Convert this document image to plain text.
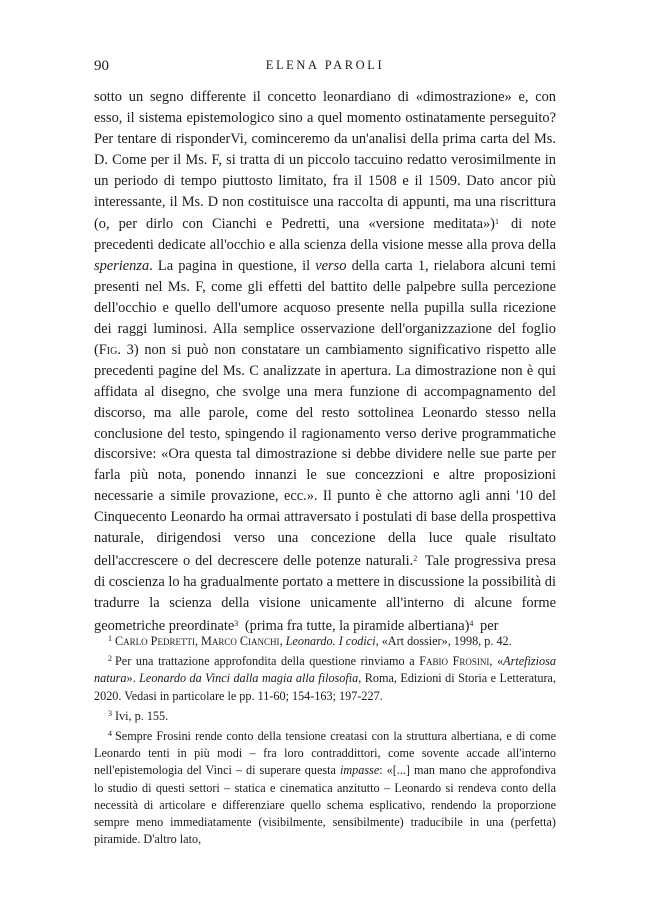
90	ELENA PAROLI

sotto un segno differente il concetto leonardiano di «dimostrazione» e, con esso, il sistema epistemologico sino a quel momento ostinatamente perseguito? Per tentare di risponderVi, cominceremo da un'analisi della prima carta del Ms. D. Come per il Ms. F, si tratta di un piccolo taccuino redatto verosimilmente in un periodo di tempo piuttosto limitato, fra il 1508 e il 1509. Dato ancor più interessante, il Ms. D non costituisce una raccolta di appunti, ma una riscrittura (o, per dirlo con Cianchi e Pedretti, una «versione meditata»)$^1$ di note precedenti dedicate all'occhio e alla scienza della visione messe alla prova della sperienza. La pagina in questione, il verso della carta 1, rielabora alcuni temi presenti nel Ms. F, come gli effetti del battito delle palpebre sulla percezione dell'occhio e quello dell'umore acquoso presente nella pupilla sulla ricezione dei raggi luminosi. Alla semplice osservazione dell'organizzazione del foglio (Fig. 3) non si può non constatare un cambiamento significativo rispetto alle precedenti pagine del Ms. C analizzate in apertura. La dimostrazione non è qui affidata al disegno, che svolge una mera funzione di accompagnamento del discorso, ma alle parole, come del resto sottolinea Leonardo stesso nella conclusione del testo, spingendo il ragionamento verso derive programmatiche discorsive: «Ora questa tal dimostrazione si debbe dividere nelle sue parte per farla più nota, ponendo innanzi le sue concezzioni e altre proposizioni necessarie a simile provazione, ecc.». Il punto è che attorno agli anni '10 del Cinquecento Leonardo ha ormai attraversato i postulati di base della prospettiva naturale, dirigendosi verso una concezione della luce quale risultato dell'accrescere o del decrescere delle potenze naturali.$^2$ Tale progressiva presa di coscienza lo ha gradualmente portato a mettere in discussione la possibilità di tradurre la scienza della visione unicamente all'interno di alcune forme geometriche preordinate$^3$ (prima fra tutte, la piramide albertiana)$^4$ per

$^1$ Carlo Pedretti, Marco Cianchi, Leonardo. I codici, «Art dossier», 1998, p. 42.

$^2$ Per una trattazione approfondita della questione rinviamo a Fabio Frosini, «Artefiziosa natura». Leonardo da Vinci dalla magia alla filosofia, Roma, Edizioni di Storia e Letteratura, 2020. Vedasi in particolare le pp. 11-60; 154-163; 197-227.

$^3$ Ivi, p. 155.

$^4$ Sempre Frosini rende conto della tensione creatasi con la struttura albertiana, e di come Leonardo tenti in più modi – fra loro contraddittori, come sovente accade all'interno nell'epistemologia del Vinci – di superare questa impasse: «[...] man mano che approfondiva lo studio di questi settori – statica e cinematica anzitutto – Leonardo si rendeva conto della necessità di articolare e differenziare quello schema esplicativo, rendendo la proporzione sempre meno immediatamente (visibilmente, sensibilmente) traducibile in una (perfetta) piramide. D'altro lato,
